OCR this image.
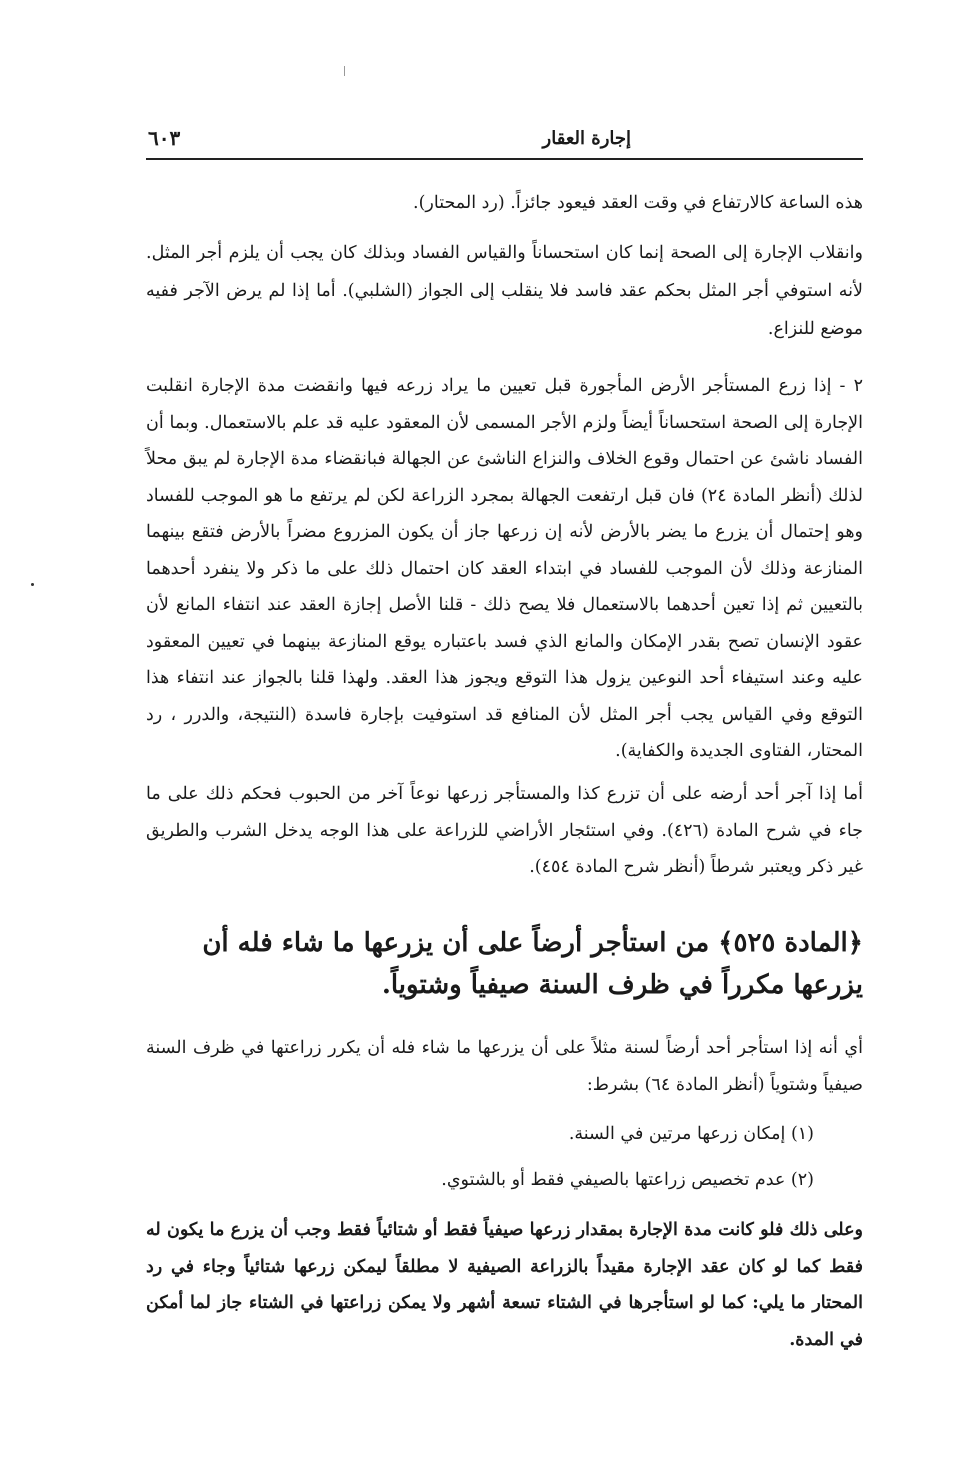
إجارة العقار
٦٠٣

هذه الساعة كالارتفاع في وقت العقد فيعود جائزاً. (رد المحتار).

وانقلاب الإجارة إلى الصحة إنما كان استحساناً والقياس الفساد وبذلك كان يجب أن يلزم أجر المثل. لأنه استوفي أجر المثل بحكم عقد فاسد فلا ينقلب إلى الجواز (الشلبي). أما إذا لم يرض الآجر ففيه موضع للنزاع.

٢ - إذا زرع المستأجر الأرض المأجورة قبل تعيين ما يراد زرعه فيها وانقضت مدة الإجارة انقلبت الإجارة إلى الصحة استحساناً أيضاً ولزم الأجر المسمى لأن المعقود عليه قد علم بالاستعمال. وبما أن الفساد ناشئ عن احتمال وقوع الخلاف والنزاع الناشئ عن الجهالة فبانقضاء مدة الإجارة لم يبق محلاً لذلك (أنظر المادة ٢٤) فان قبل ارتفعت الجهالة بمجرد الزراعة لكن لم يرتفع ما هو الموجب للفساد وهو إحتمال أن يزرع ما يضر بالأرض لأنه إن زرعها جاز أن يكون المزروع مضراً بالأرض فتقع بينهما المنازعة وذلك لأن الموجب للفساد في ابتداء العقد كان احتمال ذلك على ما ذكر ولا ينفرد أحدهما بالتعيين ثم إذا تعين أحدهما بالاستعمال فلا يصح ذلك - قلنا الأصل إجازة العقد عند انتفاء المانع لأن عقود الإنسان تصح بقدر الإمكان والمانع الذي فسد باعتباره يوقع المنازعة بينهما في تعيين المعقود عليه وعند استيفاء أحد النوعين يزول هذا التوقع ويجوز هذا العقد. ولهذا قلنا بالجواز عند انتفاء هذا التوقع وفي القياس يجب أجر المثل لأن المنافع قد استوفيت بإجارة فاسدة (النتيجة، والدرر ، رد المحتار، الفتاوى الجديدة والكفاية).

أما إذا آجر أحد أرضه على أن تزرع كذا والمستأجر زرعها نوعاً آخر من الحبوب فحكم ذلك على ما جاء في شرح المادة (٤٢٦). وفي استئجار الأراضي للزراعة على هذا الوجه يدخل الشرب والطريق غير ذكر ويعتبر شرطاً (أنظر شرح المادة ٤٥٤).

﴿المادة ٥٢٥﴾ من استأجر أرضاً على أن يزرعها ما شاء فله أن يزرعها مكرراً في ظرف السنة صيفياً وشتوياً.

أي أنه إذا استأجر أحد أرضاً لسنة مثلاً على أن يزرعها ما شاء فله أن يكرر زراعتها في ظرف السنة صيفياً وشتوياً (أنظر المادة ٦٤) بشرط:

(١) إمكان زرعها مرتين في السنة.

(٢) عدم تخصيص زراعتها بالصيفي فقط أو بالشتوي.

وعلى ذلك فلو كانت مدة الإجارة بمقدار زرعها صيفياً فقط أو شتائياً فقط وجب أن يزرع ما يكون له فقط كما لو كان عقد الإجارة مقيداً بالزراعة الصيفية لا مطلقاً ليمكن زرعها شتائياً وجاء في رد المحتار ما يلي: كما لو استأجرها في الشتاء تسعة أشهر ولا يمكن زراعتها في الشتاء جاز لما أمكن في المدة.
